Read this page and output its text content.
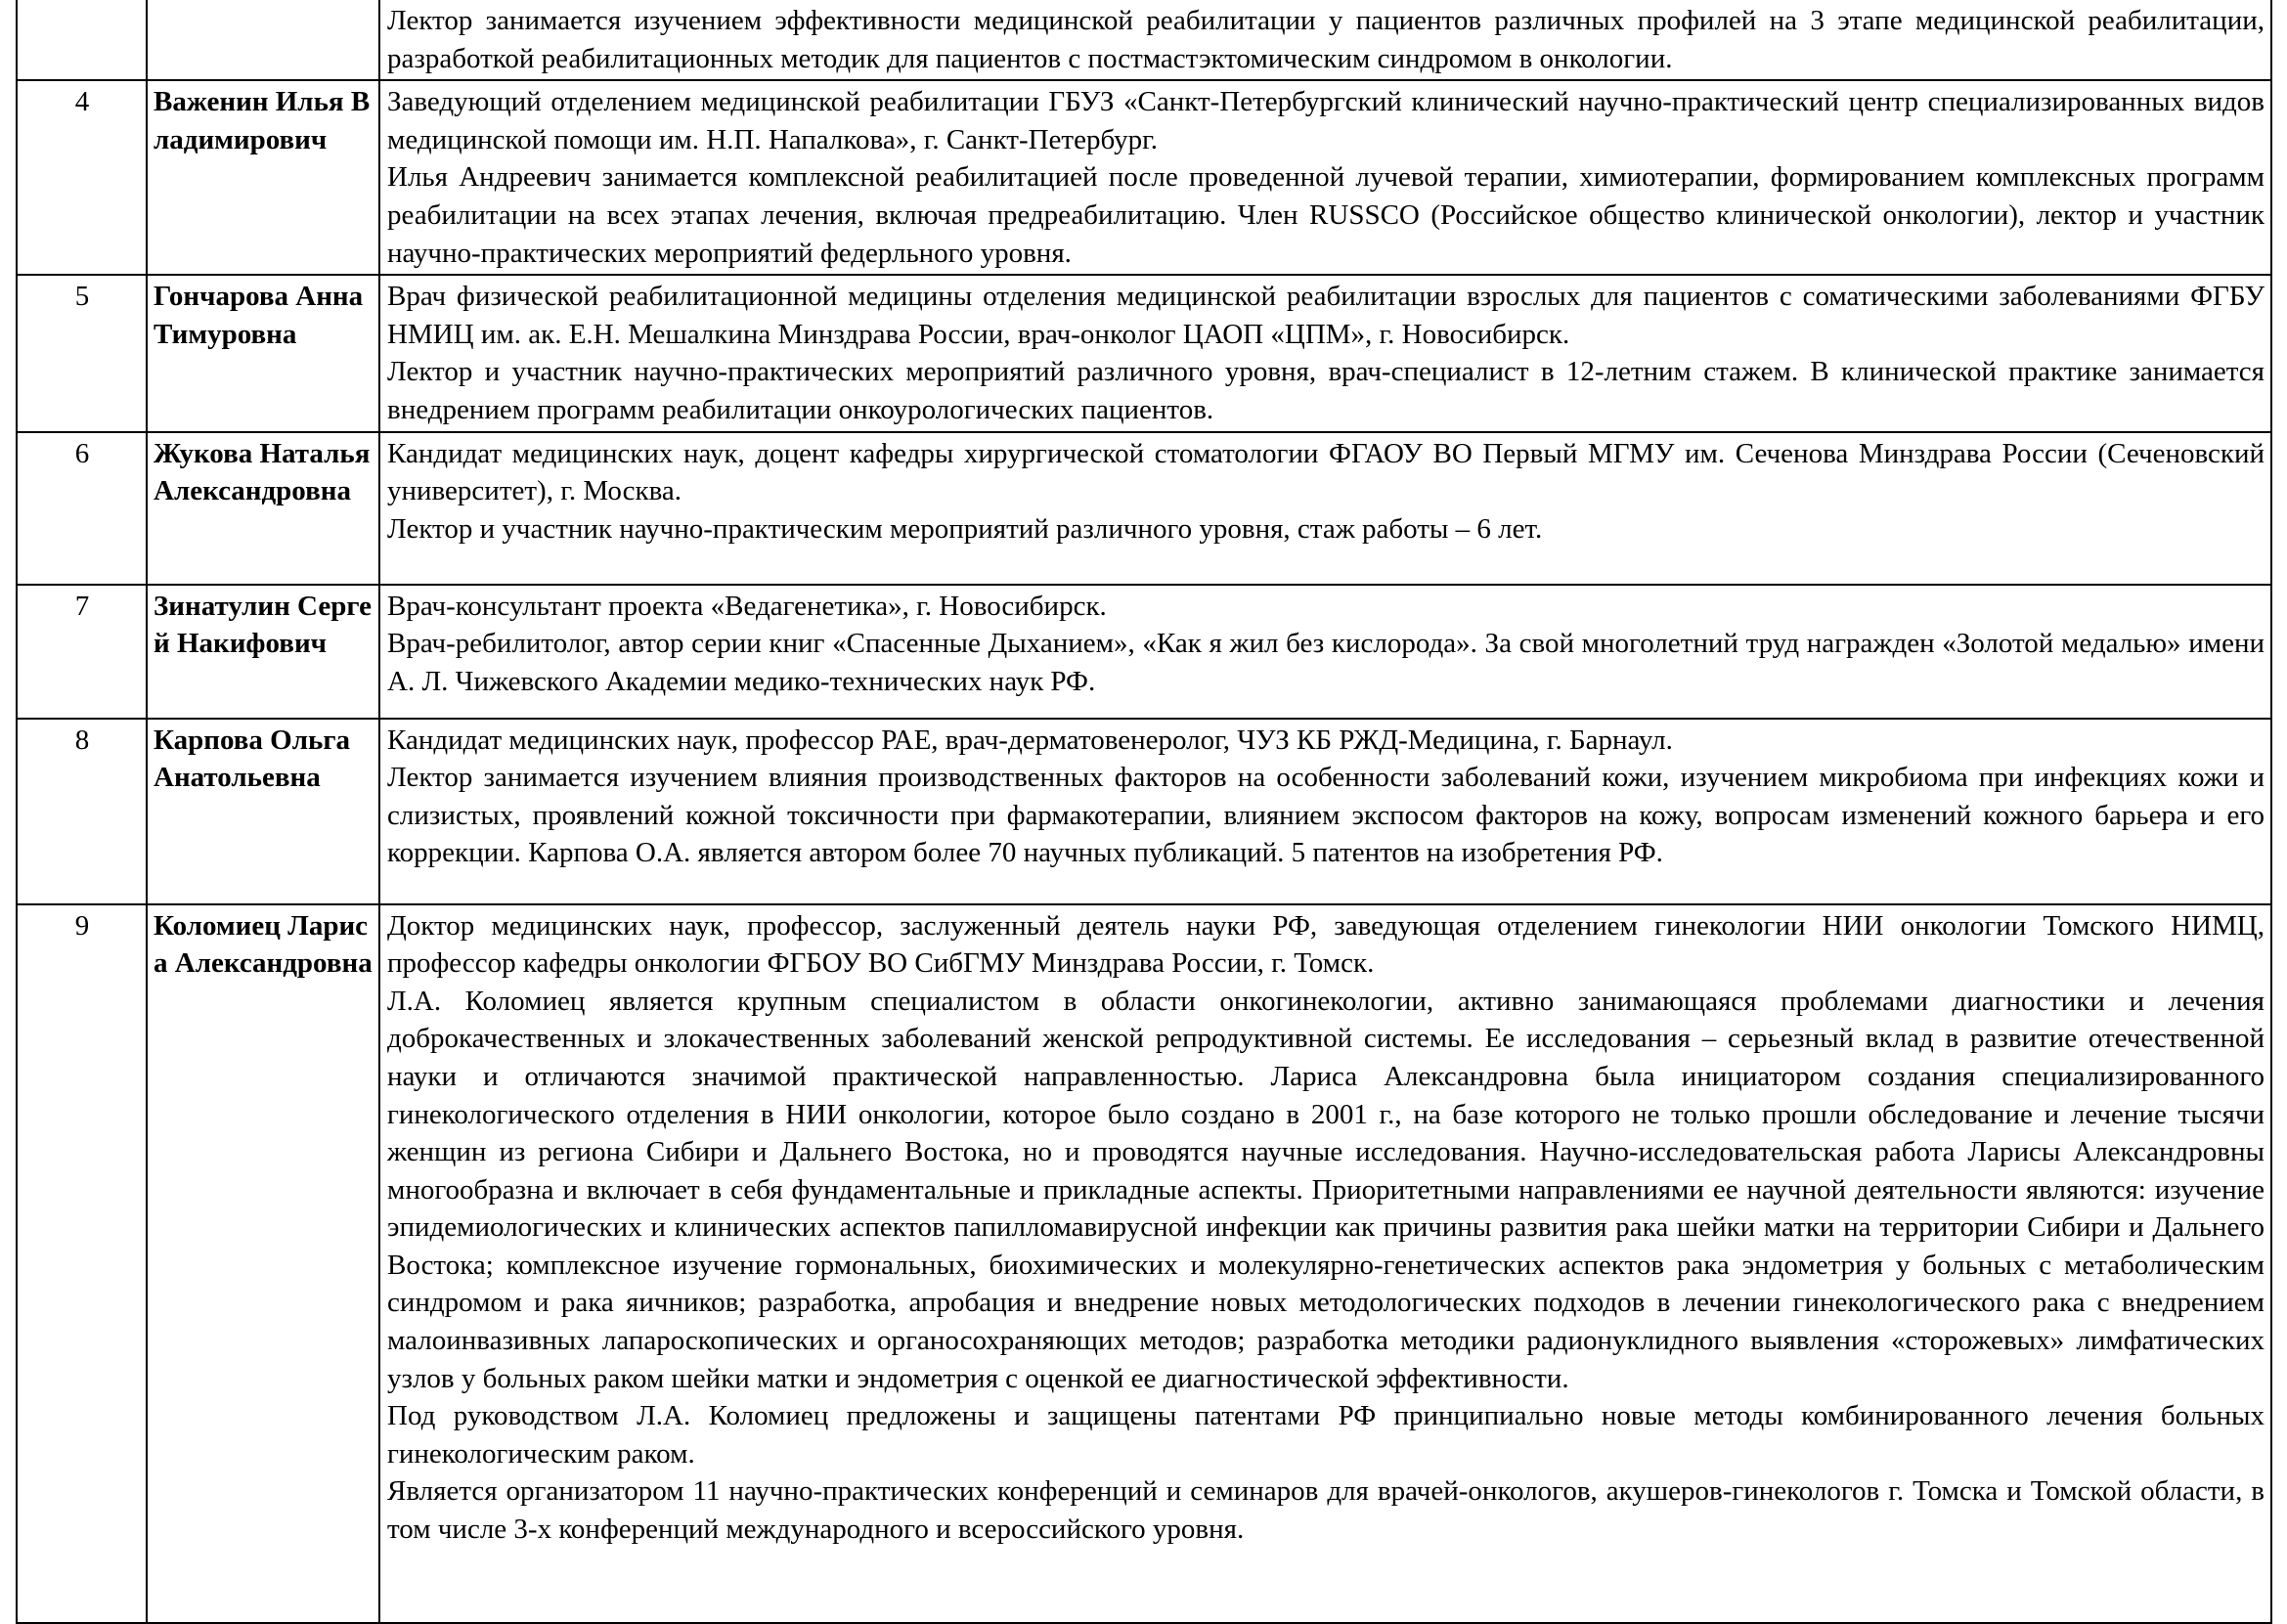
		Лектор занимается изучением эффективности медицинской реабилитации у пациентов различных профилей на 3 этапе медицинской реабилитации, разработкой реабилитационных методик для пациентов с постмастэктомическим синдромом в онкологии.

4	Важенин Илья Владимирович	Заведующий отделением медицинской реабилитации ГБУЗ «Санкт-Петербургский клинический научно-практический центр специализированных видов медицинской помощи им. Н.П. Напалкова», г. Санкт-Петербург.

Илья Андреевич занимается комплексной реабилитацией после проведенной лучевой терапии, химиотерапии, формированием комплексных программ реабилитации на всех этапах лечения, включая предреабилитацию. Член RUSSCO (Российское общество клинической онкологии), лектор и участник научно-практических мероприятий федерльного уровня.

5	Гончарова Анна Тимуровна	Врач физической реабилитационной медицины отделения медицинской реабилитации взрослых для пациентов с соматическими заболеваниями ФГБУ НМИЦ им. ак. Е.Н. Мешалкина Минздрава России, врач-онколог ЦАОП «ЦПМ», г. Новосибирск.

Лектор и участник научно-практических мероприятий различного уровня, врач-специалист в 12-летним стажем. В клинической практике занимается внедрением программ реабилитации онкоурологических пациентов.

6	Жукова Наталья Александровна	Кандидат медицинских наук, доцент кафедры хирургической стоматологии ФГАОУ ВО Первый МГМУ им. Сеченова Минздрава России (Сеченовский университет), г. Москва.

Лектор и участник научно-практическим мероприятий различного уровня, стаж работы – 6 лет.

7	Зинатулин Сергей Накифович	Врач-консультант проекта «Ведагенетика», г. Новосибирск.

Врач-ребилитолог, автор серии книг «Спасенные Дыханием», «Как я жил без кислорода». За свой многолетний труд награжден «Золотой медалью» имени А. Л. Чижевского Академии медико-технических наук РФ.

8	Карпова Ольга Анатольевна	Кандидат медицинских наук, профессор РАЕ, врач-дерматовенеролог, ЧУЗ КБ РЖД-Медицина, г. Барнаул.

Лектор занимается изучением влияния производственных факторов на особенности заболеваний кожи, изучением микробиома при инфекциях кожи и слизистых, проявлений кожной токсичности при фармакотерапии, влиянием экспосом факторов на кожу, вопросам изменений кожного барьера и его коррекции. Карпова О.А. является автором более 70 научных публикаций. 5 патентов на изобретения РФ.

9	Коломиец Лариса Александровна	Доктор медицинских наук, профессор, заслуженный деятель науки РФ, заведующая отделением гинекологии НИИ онкологии Томского НИМЦ, профессор кафедры онкологии ФГБОУ ВО СибГМУ Минздрава России, г. Томск.

Л.А. Коломиец является крупным специалистом в области онкогинекологии, активно занимающаяся проблемами диагностики и лечения доброкачественных и злокачественных заболеваний женской репродуктивной системы. Ее исследования – серьезный вклад в развитие отечественной науки и отличаются значимой практической направленностью. Лариса Александровна была инициатором создания специализированного гинекологического отделения в НИИ онкологии, которое было создано в 2001 г., на базе которого не только прошли обследование и лечение тысячи женщин из региона Сибири и Дальнего Востока, но и проводятся научные исследования. Научно-исследовательская работа Ларисы Александровны многообразна и включает в себя фундаментальные и прикладные аспекты. Приоритетными направлениями ее научной деятельности являются: изучение эпидемиологических и клинических аспектов папилломавирусной инфекции как причины развития рака шейки матки на территории Сибири и Дальнего Востока; комплексное изучение гормональных, биохимических и молекулярно-генетических аспектов рака эндометрия у больных с метаболическим синдромом и рака яичников; разработка, апробация и внедрение новых методологических подходов в лечении гинекологического рака с внедрением малоинвазивных лапароскопических и органосохраняющих методов; разработка методики радионуклидного выявления «сторожевых» лимфатических узлов у больных раком шейки матки и эндометрия с оценкой ее диагностической эффективности.

Под руководством Л.А. Коломиец предложены и защищены патентами РФ принципиально новые методы комбинированного лечения больных гинекологическим раком.

Является организатором 11 научно-практических конференций и семинаров для врачей-онкологов, акушеров-гинекологов г. Томска и Томской области, в том числе 3-х конференций международного и всероссийского уровня.
